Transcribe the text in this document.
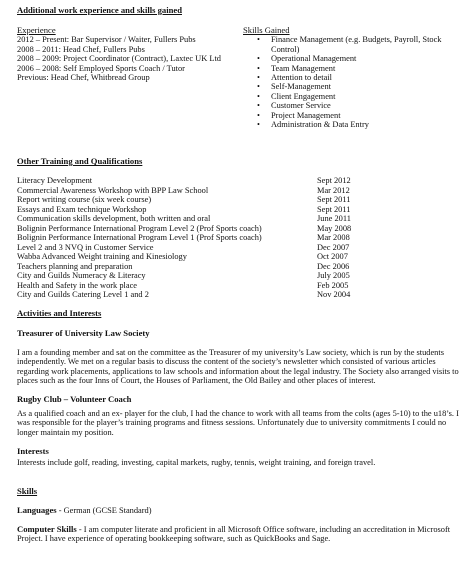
Additional work experience and skills gained
Experience
2012 – Present: Bar Supervisor / Waiter, Fullers Pubs
2008 – 2011: Head Chef, Fullers Pubs
2008 – 2009: Project Coordinator (Contract), Laxtec UK Ltd
2006 – 2008: Self Employed Sports Coach / Tutor
Previous: Head Chef, Whitbread Group
Skills Gained
• Finance Management (e.g. Budgets, Payroll, Stock Control)
• Operational Management
• Team Management
• Attention to detail
• Self-Management
• Client Engagement
• Customer Service
• Project Management
• Administration & Data Entry
Other Training and Qualifications
Literacy Development	Sept 2012
Commercial Awareness Workshop with BPP Law School	Mar 2012
Report writing course (six week course)	Sept 2011
Essays and Exam technique Workshop	Sept 2011
Communication skills development, both written and oral	June 2011
Bolignin Performance International Program Level 2 (Prof Sports coach)	May 2008
Bolignin Performance International Program Level 1 (Prof Sports coach)	Mar 2008
Level 2 and 3 NVQ in Customer Service	Dec 2007
Wabba Advanced Weight training and Kinesiology	Oct 2007
Teachers planning and preparation	Dec 2006
City and Guilds Numeracy & Literacy	July 2005
Health and Safety in the work place	Feb 2005
City and Guilds Catering Level 1 and 2	Nov 2004
Activities and Interests
Treasurer of University Law Society
I am a founding member and sat on the committee as the Treasurer of my university’s Law society, which is run by the students independently. We met on a regular basis to discuss the content of the society’s newsletter which consisted of various articles regarding work placements, applications to law schools and information about the legal industry. The Society also arranged visits to places such as the four Inns of Court, the Houses of Parliament, the Old Bailey and other places of interest.
Rugby Club – Volunteer Coach
As a qualified coach and an ex- player for the club, I had the chance to work with all teams from the colts (ages 5-10) to the u18’s. I was responsible for the player’s training programs and fitness sessions. Unfortunately due to university commitments I could no longer maintain my position.
Interests
Interests include golf, reading, investing, capital markets, rugby, tennis, weight training, and foreign travel.
Skills
Languages - German (GCSE Standard)
Computer Skills - I am computer literate and proficient in all Microsoft Office software, including an accreditation in Microsoft Project. I have experience of operating bookkeeping software, such as QuickBooks and Sage.
